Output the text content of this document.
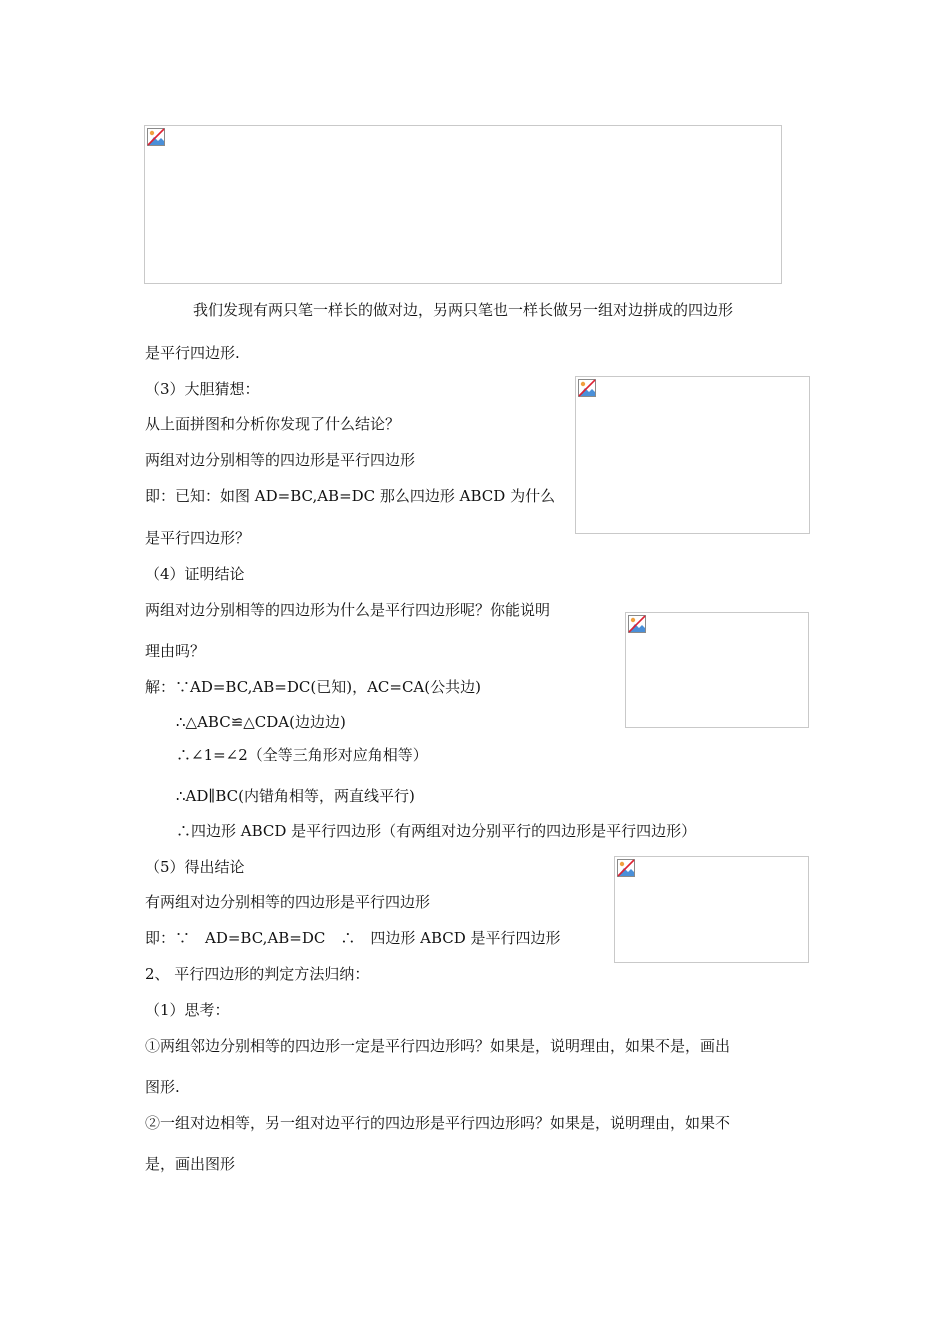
我们发现有两只笔一样长的做对边，另两只笔也一样长做另一组对边拼成的四边形
是平行四边形.
（3）大胆猜想：
从上面拼图和分析你发现了什么结论？
两组对边分别相等的四边形是平行四边形
即：已知：如图 AD=BC,AB=DC 那么四边形 ABCD 为什么
是平行四边形？
（4）证明结论
两组对边分别相等的四边形为什么是平行四边形呢？你能说明
理由吗？
解：∵AD=BC,AB=DC(已知)，AC=CA(公共边)
∴△ABC≌△CDA(边边边)
∴∠1=∠2（全等三角形对应角相等）
∴AD∥BC(内错角相等，两直线平行)
∴四边形 ABCD 是平行四边形（有两组对边分别平行的四边形是平行四边形）
（5）得出结论
有两组对边分别相等的四边形是平行四边形
即：∵　AD=BC,AB=DC　∴　四边形 ABCD 是平行四边形
2、 平行四边形的判定方法归纳：
（1）思考：
①两组邻边分别相等的四边形一定是平行四边形吗？如果是，说明理由，如果不是，画出
图形.
②一组对边相等，另一组对边平行的四边形是平行四边形吗？如果是，说明理由，如果不
是，画出图形
